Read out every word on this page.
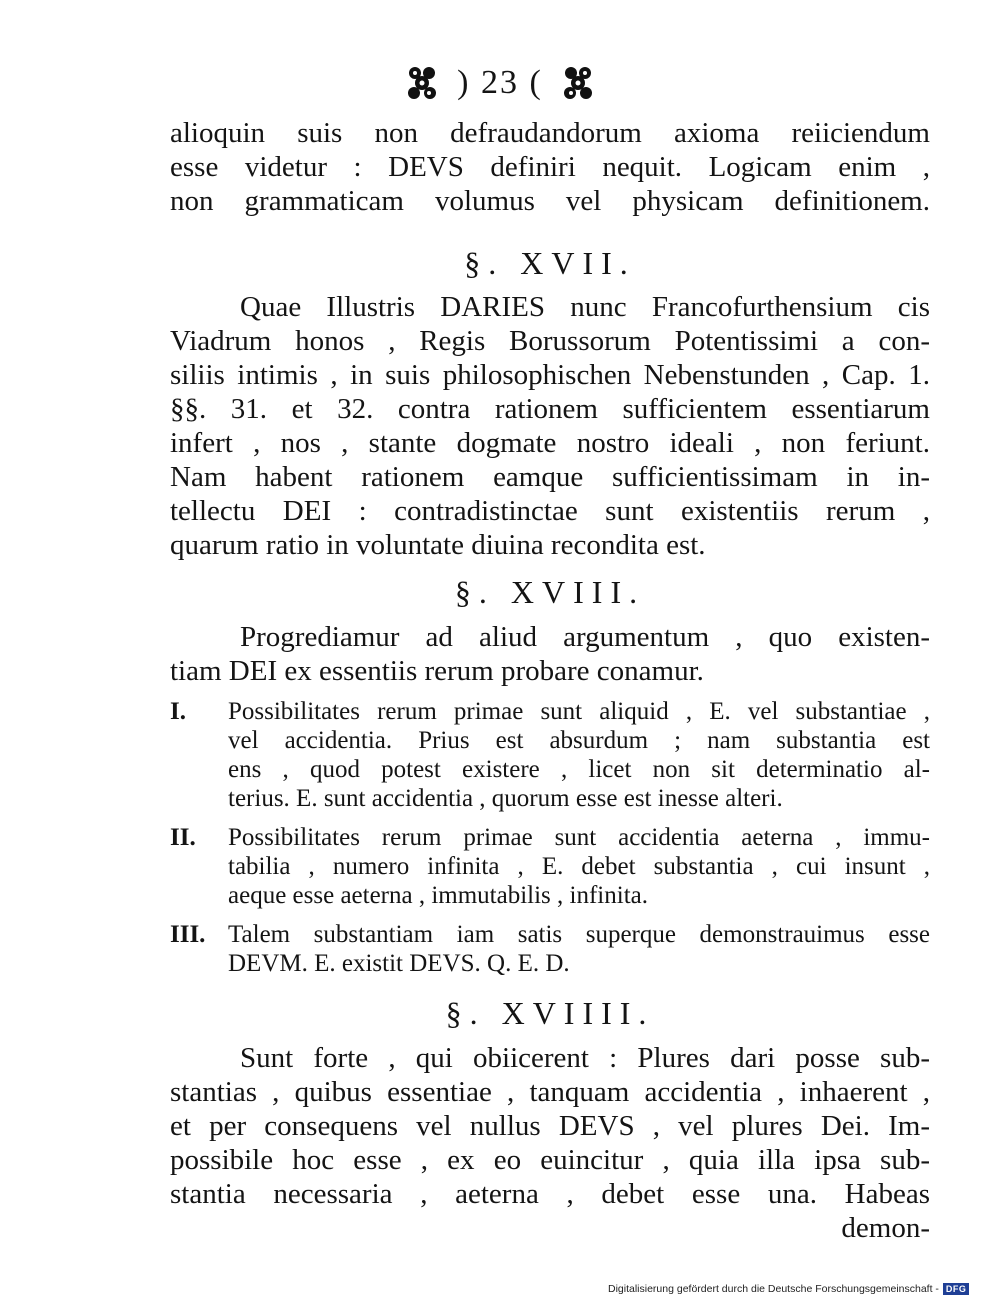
) 23 (
alioquin suis non defraudandorum axioma reiiciendum
esse videtur : DEVS definiri nequit. Logicam enim ,
non grammaticam volumus vel physicam definitionem.
§. XVII.
Quae Illustris DARIES nunc Francofurthensium cis
Viadrum honos , Regis Borussorum Potentissimi a con-
siliis intimis , in suis philosophischen Nebenstunden , Cap. 1.
§§. 31. et 32. contra rationem sufficientem essentiarum
infert , nos , stante dogmate nostro ideali , non feriunt.
Nam habent rationem eamque sufficientissimam in in-
tellectu DEI : contradistinctae sunt existentiis rerum ,
quarum ratio in voluntate diuina recondita est.
§. XVIII.
Progrediamur ad aliud argumentum , quo existen-
tiam DEI ex essentiis rerum probare conamur.
I. Possibilitates rerum primae sunt aliquid , E. vel substantiae ,
vel accidentia. Prius est absurdum ; nam substantia est
ens , quod potest existere , licet non sit determinatio al-
terius. E. sunt accidentia , quorum esse est inesse alteri.
II. Possibilitates rerum primae sunt accidentia aeterna , immu-
tabilia , numero infinita , E. debet substantia , cui insunt ,
aeque esse aeterna , immutabilis , infinita.
III. Talem substantiam iam satis superque demonstrauimus esse
DEVM. E. existit DEVS. Q. E. D.
§. XVIIII.
Sunt forte , qui obiicerent : Plures dari posse sub-
stantias , quibus essentiae , tanquam accidentia , inhaerent ,
et per consequens vel nullus DEVS , vel plures Dei. Im-
possibile hoc esse , ex eo euincitur , quia illa ipsa sub-
stantia necessaria , aeterna , debet esse una. Habeas
demon-
Digitalisierung gefördert durch die Deutsche Forschungsgemeinschaft - DFG
